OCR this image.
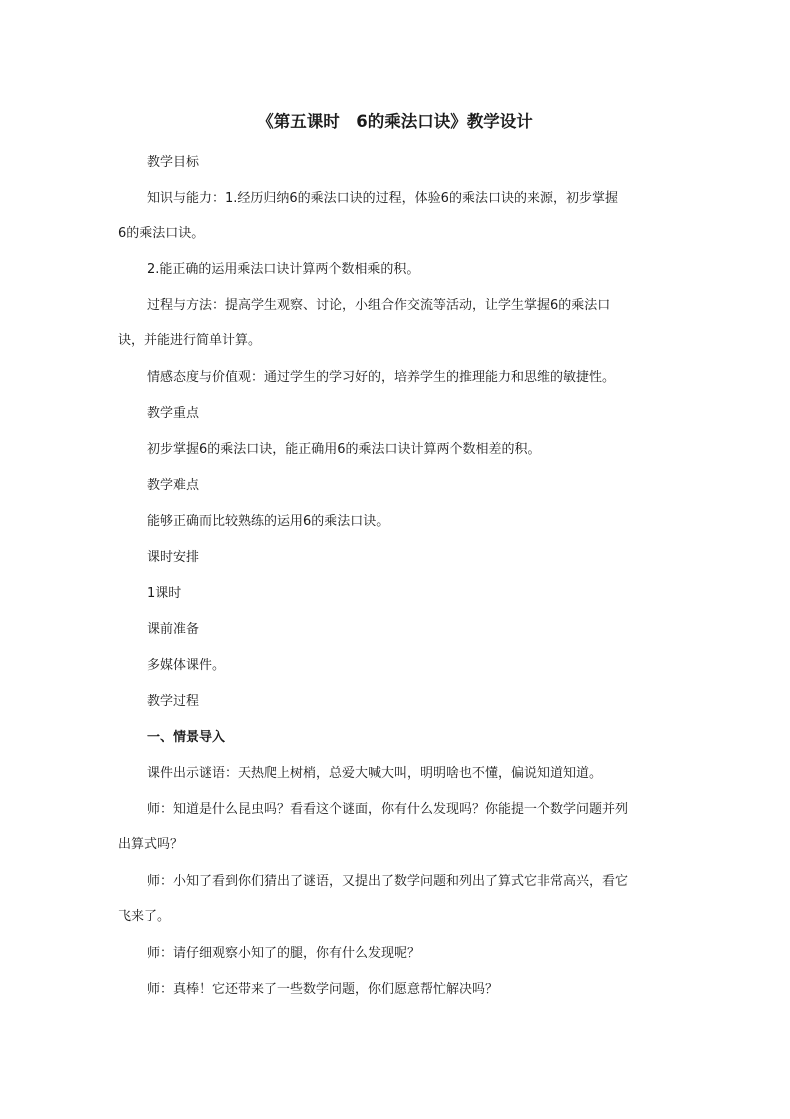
《第五课时　6的乘法口诀》教学设计
教学目标
知识与能力：1.经历归纳6的乘法口诀的过程，体验6的乘法口诀的来源，初步掌握
6的乘法口诀。
2.能正确的运用乘法口诀计算两个数相乘的积。
过程与方法：提高学生观察、讨论，小组合作交流等活动，让学生掌握6的乘法口
诀，并能进行简单计算。
情感态度与价值观：通过学生的学习好的，培养学生的推理能力和思维的敏捷性。
教学重点
初步掌握6的乘法口诀，能正确用6的乘法口诀计算两个数相差的积。
教学难点
能够正确而比较熟练的运用6的乘法口诀。
课时安排
1课时
课前准备
多媒体课件。
教学过程
一、情景导入
课件出示谜语：天热爬上树梢，总爱大喊大叫，明明啥也不懂，偏说知道知道。
师：知道是什么昆虫吗？看看这个谜面，你有什么发现吗？你能提一个数学问题并列
出算式吗？
师：小知了看到你们猜出了谜语，又提出了数学问题和列出了算式它非常高兴，看它
飞来了。
师：请仔细观察小知了的腿，你有什么发现呢？
师：真棒！它还带来了一些数学问题，你们愿意帮忙解决吗？
